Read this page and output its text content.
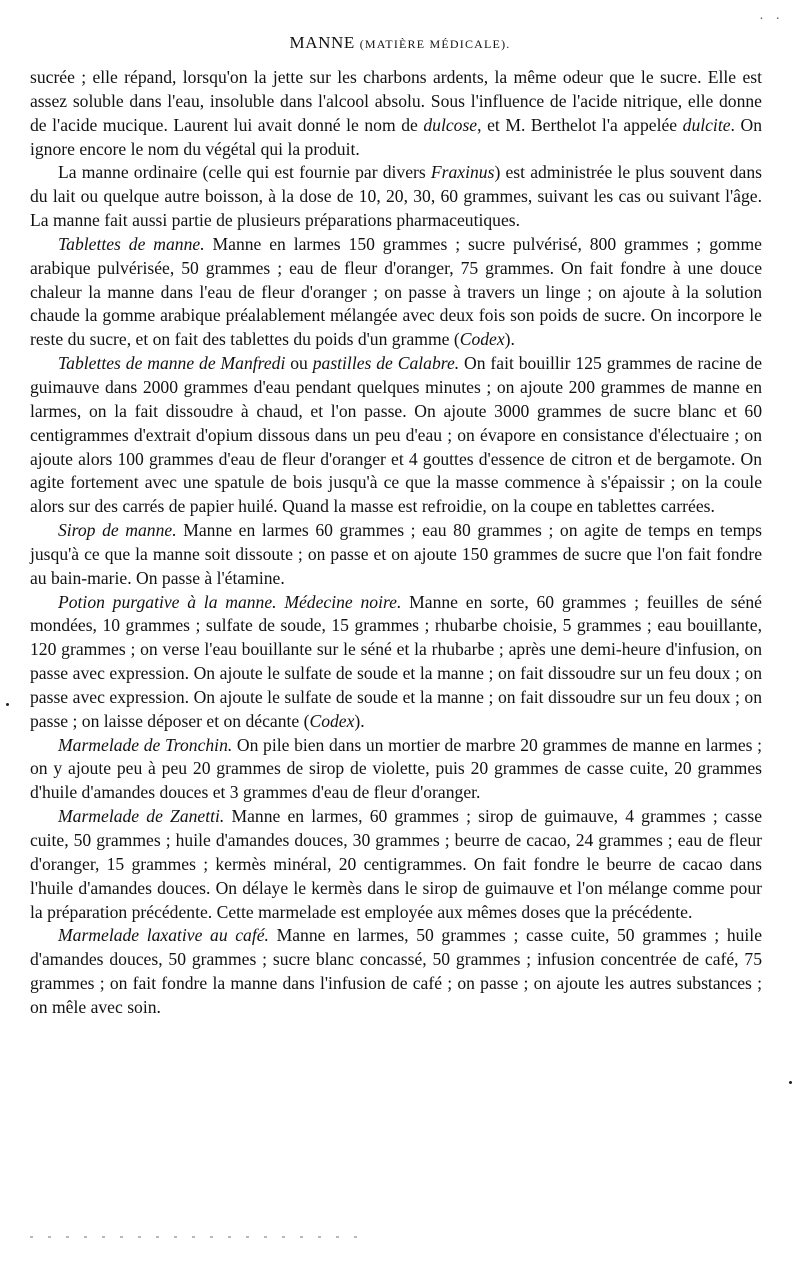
· ·
MANNE (MATIÈRE MÉDICALE).

sucrée ; elle répand, lorsqu'on la jette sur les charbons ardents, la même odeur que le sucre. Elle est assez soluble dans l'eau, insoluble dans l'alcool absolu. Sous l'influence de l'acide nitrique, elle donne de l'acide mucique. Laurent lui avait donné le nom de dulcose, et M. Berthelot l'a appelée dulcite. On ignore encore le nom du végétal qui la produit.

La manne ordinaire (celle qui est fournie par divers Fraxinus) est administrée le plus souvent dans du lait ou quelque autre boisson, à la dose de 10, 20, 30, 60 grammes, suivant les cas ou suivant l'âge. La manne fait aussi partie de plusieurs préparations pharmaceutiques.

Tablettes de manne. Manne en larmes 150 grammes ; sucre pulvérisé, 800 grammes ; gomme arabique pulvérisée, 50 grammes ; eau de fleur d'oranger, 75 grammes. On fait fondre à une douce chaleur la manne dans l'eau de fleur d'oranger ; on passe à travers un linge ; on ajoute à la solution chaude la gomme arabique préalablement mélangée avec deux fois son poids de sucre. On incorpore le reste du sucre, et on fait des tablettes du poids d'un gramme (Codex).

Tablettes de manne de Manfredi ou pastilles de Calabre. On fait bouillir 125 grammes de racine de guimauve dans 2000 grammes d'eau pendant quelques minutes ; on ajoute 200 grammes de manne en larmes, on la fait dissoudre à chaud, et l'on passe. On ajoute 3000 grammes de sucre blanc et 60 centigrammes d'extrait d'opium dissous dans un peu d'eau ; on évapore en consistance d'électuaire ; on ajoute alors 100 grammes d'eau de fleur d'oranger et 4 gouttes d'essence de citron et de bergamote. On agite fortement avec une spatule de bois jusqu'à ce que la masse commence à s'épaissir ; on la coule alors sur des carrés de papier huilé. Quand la masse est refroidie, on la coupe en tablettes carrées.

Sirop de manne. Manne en larmes 60 grammes ; eau 80 grammes ; on agite de temps en temps jusqu'à ce que la manne soit dissoute ; on passe et on ajoute 150 grammes de sucre que l'on fait fondre au bain-marie. On passe à l'étamine.

Potion purgative à la manne. Médecine noire. Manne en sorte, 60 grammes ; feuilles de séné mondées, 10 grammes ; sulfate de soude, 15 grammes ; rhubarbe choisie, 5 grammes ; eau bouillante, 120 grammes ; on verse l'eau bouillante sur le séné et la rhubarbe ; après une demi-heure d'infusion, on passe avec expression. On ajoute le sulfate de soude et la manne ; on fait dissoudre sur un feu doux ; on passe avec expression. On ajoute le sulfate de soude et la manne ; on fait dissoudre sur un feu doux ; on passe ; on laisse déposer et on décante (Codex).

Marmelade de Tronchin. On pile bien dans un mortier de marbre 20 grammes de manne en larmes ; on y ajoute peu à peu 20 grammes de sirop de violette, puis 20 grammes de casse cuite, 20 grammes d'huile d'amandes douces et 3 grammes d'eau de fleur d'oranger.

Marmelade de Zanetti. Manne en larmes, 60 grammes ; sirop de guimauve, 4 grammes ; casse cuite, 50 grammes ; huile d'amandes douces, 30 grammes ; beurre de cacao, 24 grammes ; eau de fleur d'oranger, 15 grammes ; kermès minéral, 20 centigrammes. On fait fondre le beurre de cacao dans l'huile d'amandes douces. On délaye le kermès dans le sirop de guimauve et l'on mélange comme pour la préparation précédente. Cette marmelade est employée aux mêmes doses que la précédente.

Marmelade laxative au café. Manne en larmes, 50 grammes ; casse cuite, 50 grammes ; huile d'amandes douces, 50 grammes ; sucre blanc concassé, 50 grammes ; infusion concentrée de café, 75 grammes ; on fait fondre la manne dans l'infusion de café ; on passe ; on ajoute les autres substances ; on mêle avec soin.
